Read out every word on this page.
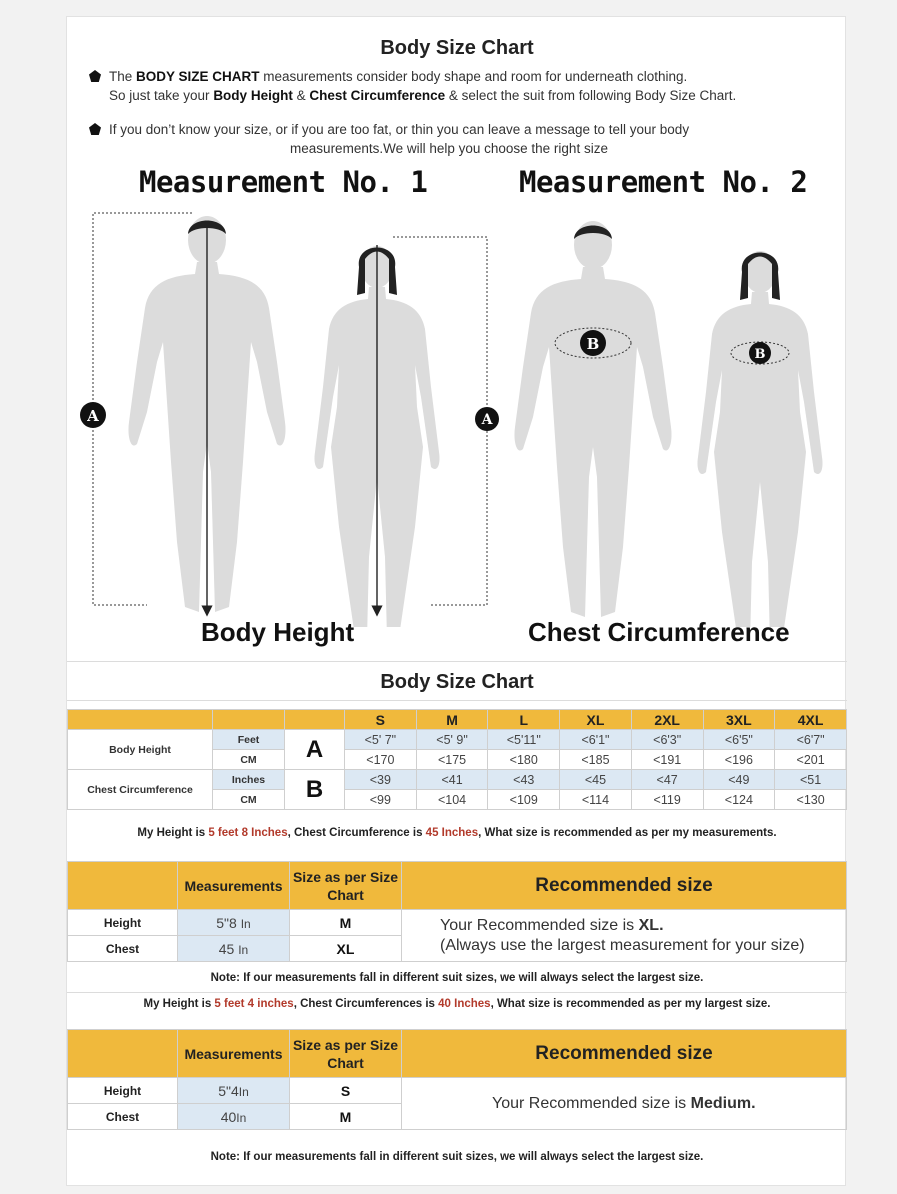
Body Size Chart
The BODY SIZE CHART measurements consider body shape and room for underneath clothing.
So just take your Body Height & Chest Circumference & select the suit from following Body Size Chart.
If you don’t know your size, or if you are too fat, or thin you can leave a message to tell your body

measurements.We will help you choose the right size
Measurement No. 1	Measurement No. 2
A	A
B
B
Body Height	Chest Circumference
Body Size Chart
			S	M	L	XL	2XL	3XL	4XL
Body Height	Feet	A	<5' 7"	<5' 9"	<5'11"	<6'1"	<6'3"	<6'5"	<6'7"
	CM		<170	<175	<180	<185	<191	<196	<201
Chest Circumference	Inches	B	<39	<41	<43	<45	<47	<49	<51
	CM		<99	<104	<109	<114	<119	<124	<130
My Height is 5 feet 8 Inches, Chest Circumference is 45 Inches, What size is recommended as per my measurements.
	Measurements	Size as per Size Chart	Recommended size
Height	5"8 In	M	Your Recommended size is XL.
(Always use the largest measurement for your size)

Chest	45 In	XL	
Note: If our measurements fall in different suit sizes, we will always select the largest size.
My Height is 5 feet 4 inches, Chest Circumferences is 40 Inches, What size is recommended as per my largest size.
	Measurements	Size as per Size Chart	Recommended size
Height	5"4In	S	Your Recommended size is Medium.

Chest	40In	M	
Note: If our measurements fall in different suit sizes, we will always select the largest size.
